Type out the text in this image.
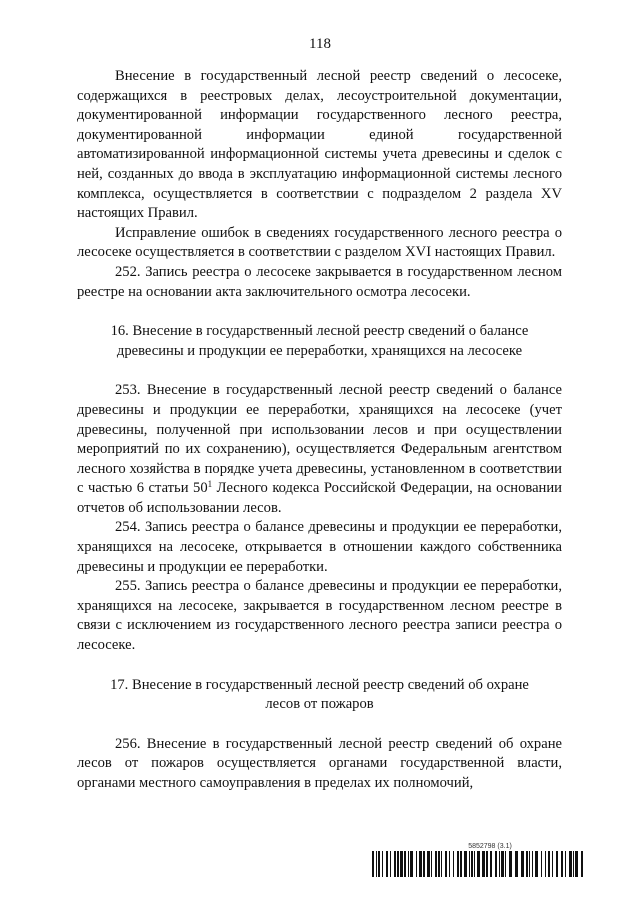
118

Внесение в государственный лесной реестр сведений о лесосеке, содержащихся в реестровых делах, лесоустроительной документации, документированной информации государственного лесного реестра, документированной информации единой государственной автоматизированной информационной системы учета древесины и сделок с ней, созданных до ввода в эксплуатацию информационной системы лесного комплекса, осуществляется в соответствии с подразделом 2 раздела XV настоящих Правил.

Исправление ошибок в сведениях государственного лесного реестра о лесосеке осуществляется в соответствии с разделом XVI настоящих Правил.

252. Запись реестра о лесосеке закрывается в государственном лесном реестре на основании акта заключительного осмотра лесосеки.

16. Внесение в государственный лесной реестр сведений о балансе древесины и продукции ее переработки, хранящихся на лесосеке

253. Внесение в государственный лесной реестр сведений о балансе древесины и продукции ее переработки, хранящихся на лесосеке (учет древесины, полученной при использовании лесов и при осуществлении мероприятий по их сохранению), осуществляется Федеральным агентством лесного хозяйства в порядке учета древесины, установленном в соответствии с частью 6 статьи $50^1$ Лесного кодекса Российской Федерации, на основании отчетов об использовании лесов.

254. Запись реестра о балансе древесины и продукции ее переработки, хранящихся на лесосеке, открывается в отношении каждого собственника древесины и продукции ее переработки.

255. Запись реестра о балансе древесины и продукции ее переработки, хранящихся на лесосеке, закрывается в государственном лесном реестре в связи с исключением из государственного лесного реестра записи реестра о лесосеке.

17. Внесение в государственный лесной реестр сведений об охране лесов от пожаров

256. Внесение в государственный лесной реестр сведений об охране лесов от пожаров осуществляется органами государственной власти, органами местного самоуправления в пределах их полномочий,

5852798 (3.1)
